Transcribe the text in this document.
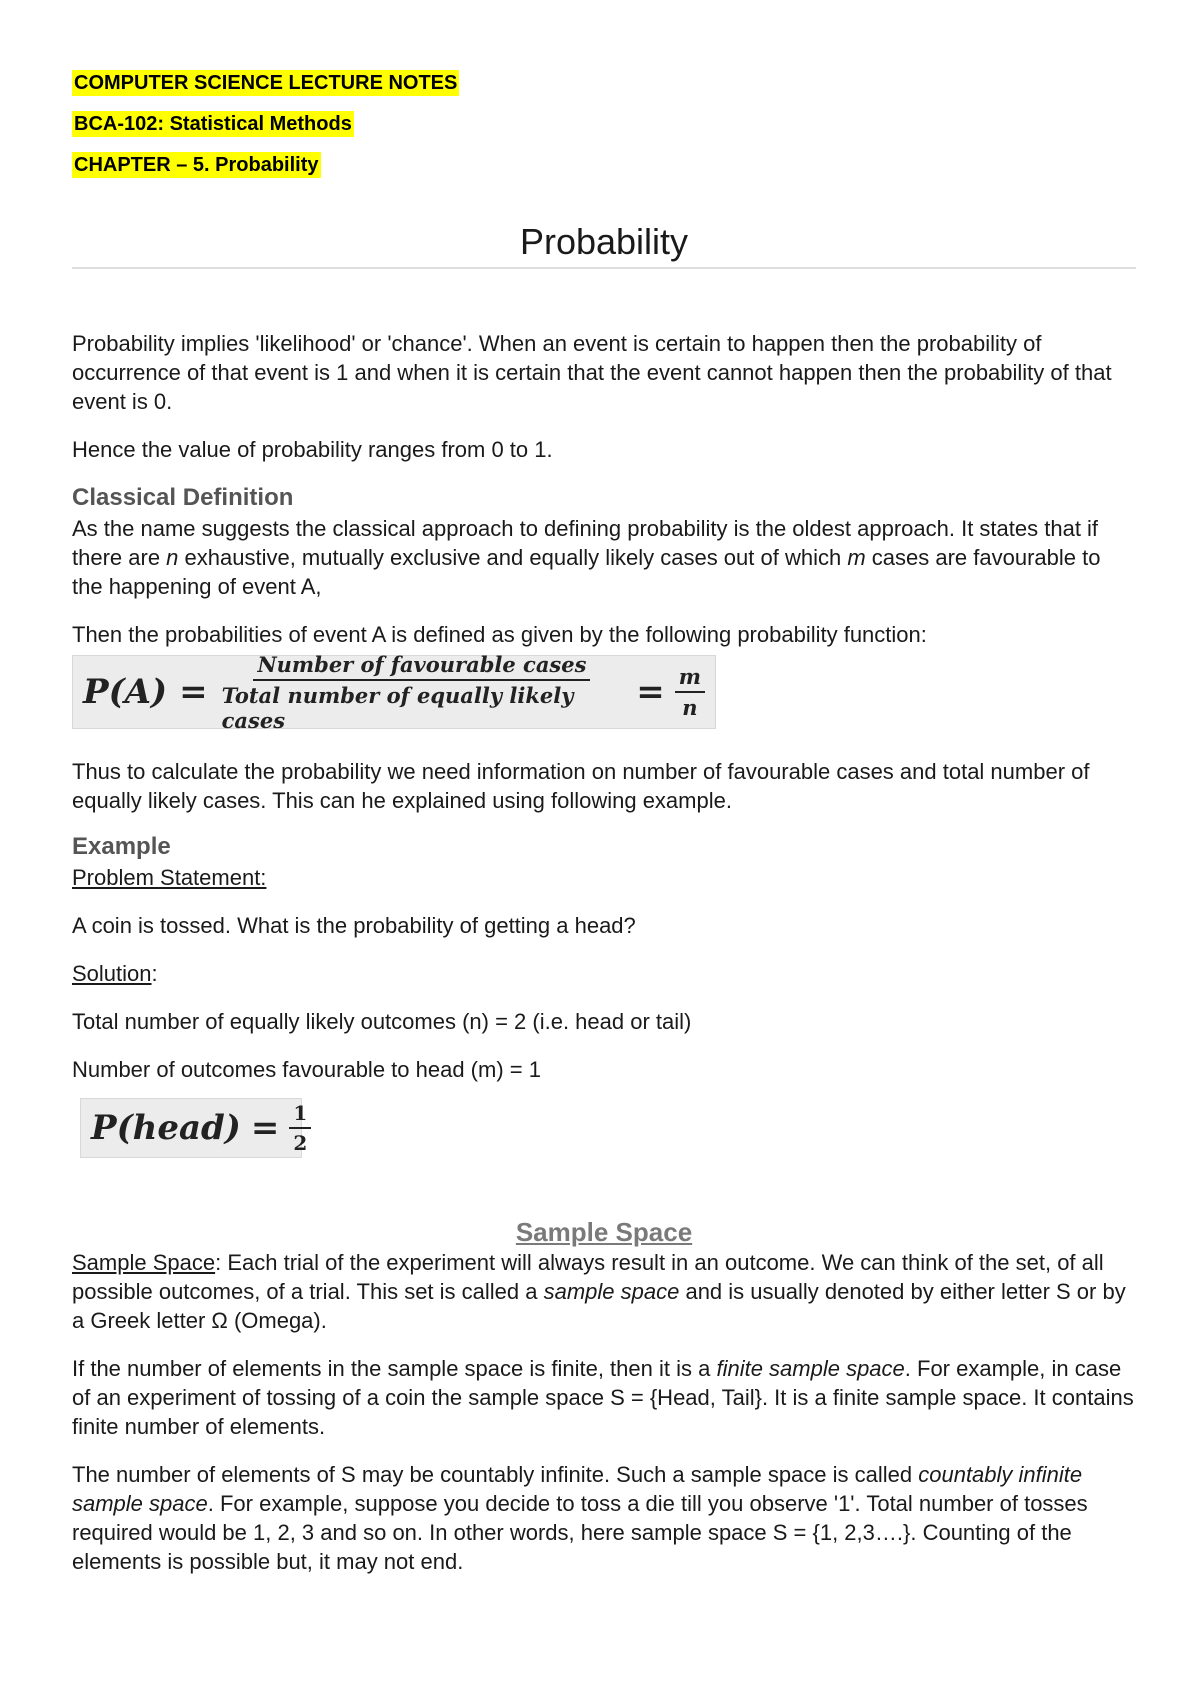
COMPUTER SCIENCE LECTURE NOTES
BCA-102: Statistical Methods
CHAPTER – 5. Probability
Probability

Probability implies 'likelihood' or 'chance'. When an event is certain to happen then the probability of occurrence of that event is 1 and when it is certain that the event cannot happen then the probability of that event is 0.

Hence the value of probability ranges from 0 to 1.

Classical Definition

As the name suggests the classical approach to defining probability is the oldest approach. It states that if there are n exhaustive, mutually exclusive and equally likely cases out of which m cases are favourable to the happening of event A,

Then the probabilities of event A is defined as given by the following probability function:

$P(A) = \frac{\text{Number of favourable cases}}{\text{Total number of equally likely cases}} = \frac{m}{n}$

Thus to calculate the probability we need information on number of favourable cases and total number of equally likely cases. This can he explained using following example.

Example

Problem Statement:

A coin is tossed. What is the probability of getting a head?

Solution:

Total number of equally likely outcomes (n) = 2 (i.e. head or tail)

Number of outcomes favourable to head (m) = 1

P(head) = $\frac{1}{2}$
Sample Space

Sample Space: Each trial of the experiment will always result in an outcome. We can think of the set, of all possible outcomes, of a trial. This set is called a sample space and is usually denoted by either letter S or by a Greek letter Ω (Omega).

If the number of elements in the sample space is finite, then it is a finite sample space. For example, in case of an experiment of tossing of a coin the sample space S = {Head, Tail}. It is a finite sample space. It contains finite number of elements.

The number of elements of S may be countably infinite. Such a sample space is called countably infinite sample space. For example, suppose you decide to toss a die till you observe '1'. Total number of tosses required would be 1, 2, 3 and so on. In other words, here sample space S = {1, 2,3….}. Counting of the elements is possible but, it may not end.
